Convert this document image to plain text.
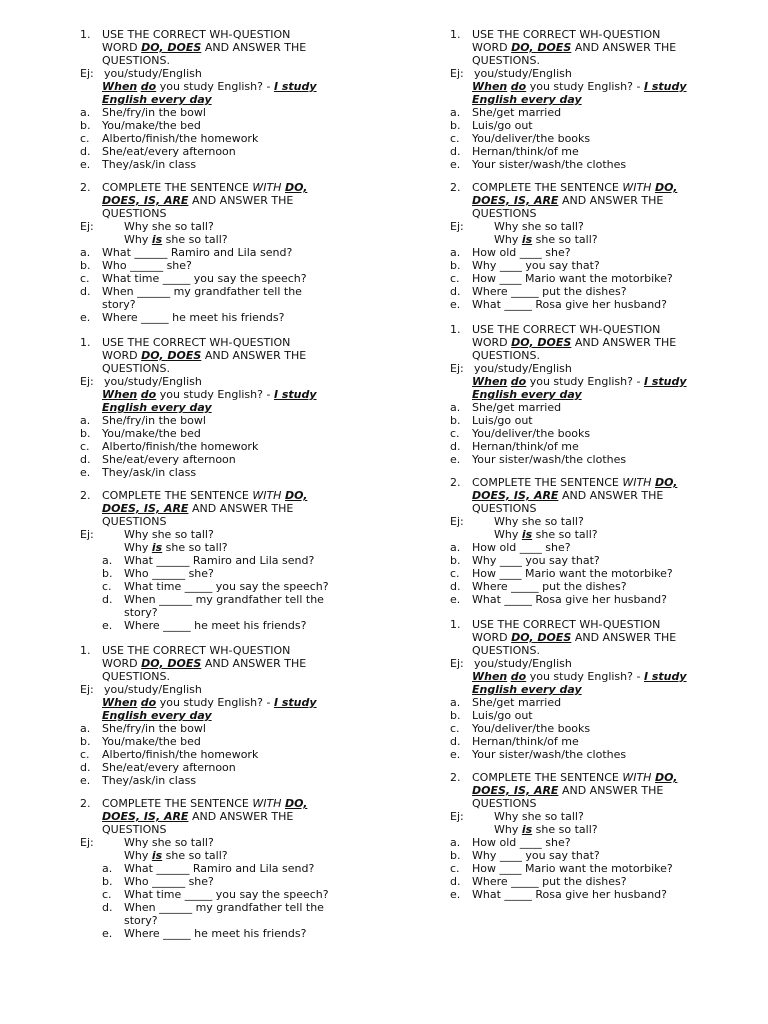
1. USE THE CORRECT WH-QUESTION
WORD DO, DOES AND ANSWER THE
QUESTIONS.
Ej: you/study/English
When do you study English? - I study
English every day
a. She/fry/in the bowl
b. You/make/the bed
c. Alberto/finish/the homework
d. She/eat/every afternoon
e. They/ask/in class
2. COMPLETE THE SENTENCE WITH DO,
DOES, IS, ARE AND ANSWER THE
QUESTIONS
Ej:	Why she so tall?
Why is she so tall?
a. What ______ Ramiro and Lila send?
b. Who ______ she?
c. What time _____ you say the speech?
d. When ______ my grandfather tell the
story?
e. Where _____ he meet his friends?
1. USE THE CORRECT WH-QUESTION
WORD DO, DOES AND ANSWER THE
QUESTIONS.
Ej: you/study/English
When do you study English? - I study
English every day
a. She/fry/in the bowl
b. You/make/the bed
c. Alberto/finish/the homework
d. She/eat/every afternoon
e. They/ask/in class
2. COMPLETE THE SENTENCE WITH DO,
DOES, IS, ARE AND ANSWER THE
QUESTIONS
Ej:	Why she so tall?
Why is she so tall?
a. What ______ Ramiro and Lila send?
b. Who ______ she?
c. What time _____ you say the speech?
d. When ______ my grandfather tell the
story?
e. Where _____ he meet his friends?
1. USE THE CORRECT WH-QUESTION
WORD DO, DOES AND ANSWER THE
QUESTIONS.
Ej: you/study/English
When do you study English? - I study
English every day
a. She/fry/in the bowl
b. You/make/the bed
c. Alberto/finish/the homework
d. She/eat/every afternoon
e. They/ask/in class
2. COMPLETE THE SENTENCE WITH DO,
DOES, IS, ARE AND ANSWER THE
QUESTIONS
Ej:	Why she so tall?
Why is she so tall?
a. What ______ Ramiro and Lila send?
b. Who ______ she?
c. What time _____ you say the speech?
d. When ______ my grandfather tell the
story?
e. Where _____ he meet his friends?
1. USE THE CORRECT WH-QUESTION
WORD DO, DOES AND ANSWER THE
QUESTIONS.
Ej: you/study/English
When do you study English? - I study
English every day
a. She/get married
b. Luis/go out
c. You/deliver/the books
d. Hernan/think/of me
e. Your sister/wash/the clothes
2. COMPLETE THE SENTENCE WITH DO,
DOES, IS, ARE AND ANSWER THE
QUESTIONS
Ej:	Why she so tall?
Why is she so tall?
a. How old ____ she?
b. Why ____ you say that?
c. How ____ Mario want the motorbike?
d. Where _____ put the dishes?
e. What _____ Rosa give her husband?
1. USE THE CORRECT WH-QUESTION
WORD DO, DOES AND ANSWER THE
QUESTIONS.
Ej: you/study/English
When do you study English? - I study
English every day
a. She/get married
b. Luis/go out
c. You/deliver/the books
d. Hernan/think/of me
e. Your sister/wash/the clothes
2. COMPLETE THE SENTENCE WITH DO,
DOES, IS, ARE AND ANSWER THE
QUESTIONS
Ej:	Why she so tall?
Why is she so tall?
a. How old ____ she?
b. Why ____ you say that?
c. How ____ Mario want the motorbike?
d. Where _____ put the dishes?
e. What _____ Rosa give her husband?
1. USE THE CORRECT WH-QUESTION
WORD DO, DOES AND ANSWER THE
QUESTIONS.
Ej: you/study/English
When do you study English? - I study
English every day
a. She/get married
b. Luis/go out
c. You/deliver/the books
d. Hernan/think/of me
e. Your sister/wash/the clothes
2. COMPLETE THE SENTENCE WITH DO,
DOES, IS, ARE AND ANSWER THE
QUESTIONS
Ej:	Why she so tall?
Why is she so tall?
a. How old ____ she?
b. Why ____ you say that?
c. How ____ Mario want the motorbike?
d. Where _____ put the dishes?
e. What _____ Rosa give her husband?
